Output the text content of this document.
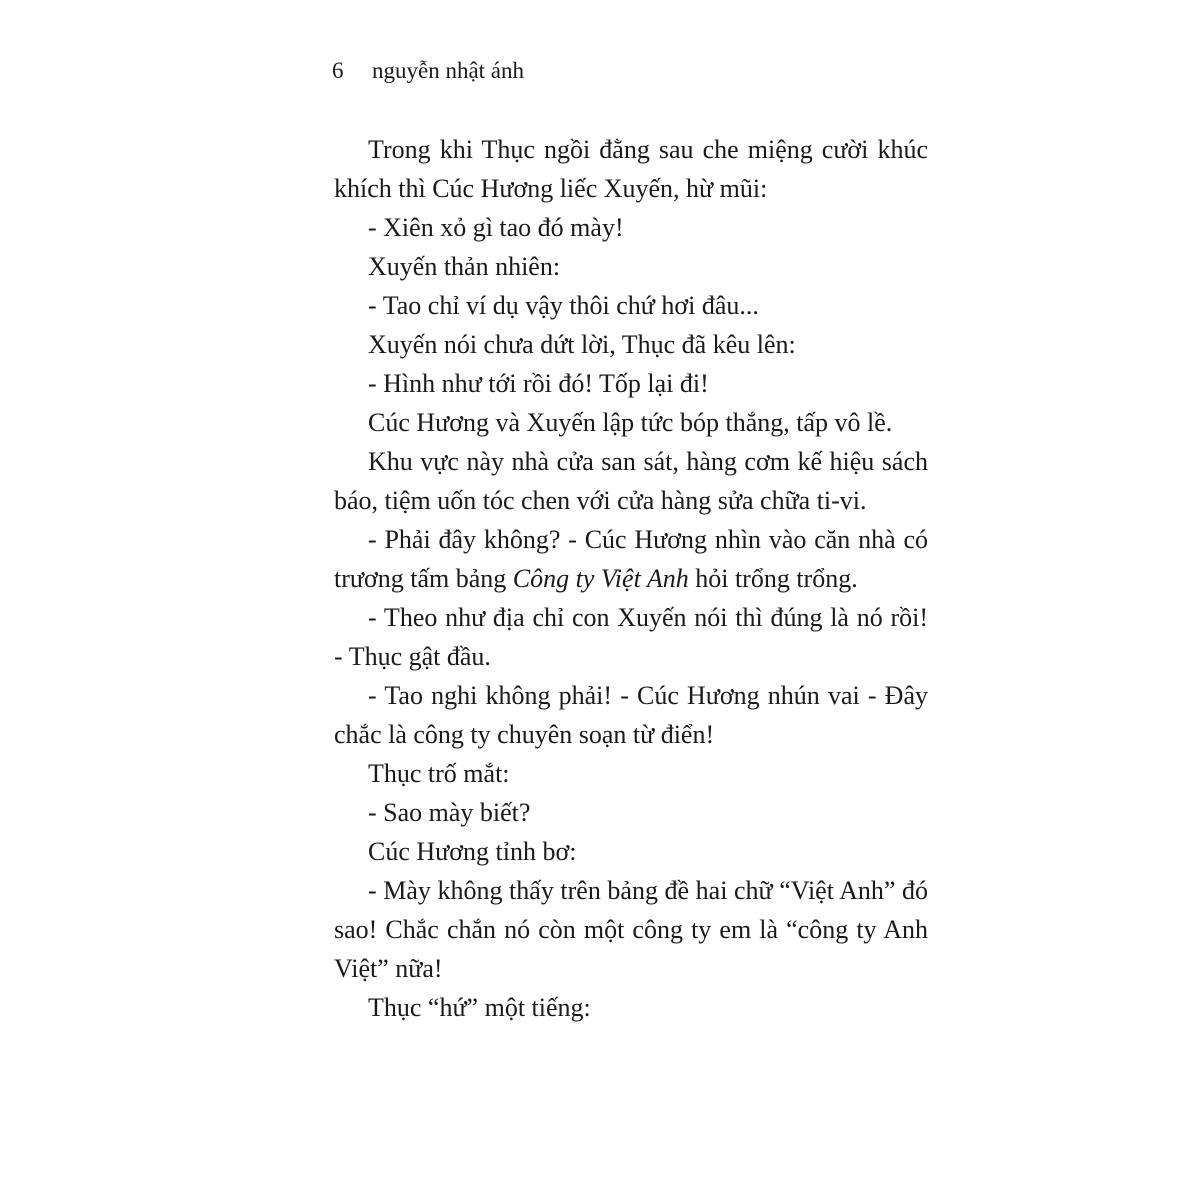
6 nguyễn nhật ánh

Trong khi Thục ngồi đằng sau che miệng cười khúc khích thì Cúc Hương liếc Xuyến, hừ mũi:

- Xiên xỏ gì tao đó mày!

Xuyến thản nhiên:

- Tao chỉ ví dụ vậy thôi chứ hơi đâu...

Xuyến nói chưa dứt lời, Thục đã kêu lên:

- Hình như tới rồi đó! Tốp lại đi!

Cúc Hương và Xuyến lập tức bóp thắng, tấp vô lề.

Khu vực này nhà cửa san sát, hàng cơm kế hiệu sách báo, tiệm uốn tóc chen với cửa hàng sửa chữa ti-vi.

- Phải đây không? - Cúc Hương nhìn vào căn nhà có trương tấm bảng Công ty Việt Anh hỏi trổng trổng.

- Theo như địa chỉ con Xuyến nói thì đúng là nó rồi! - Thục gật đầu.

- Tao nghi không phải! - Cúc Hương nhún vai - Đây chắc là công ty chuyên soạn từ điển!

Thục trố mắt:

- Sao mày biết?

Cúc Hương tỉnh bơ:

- Mày không thấy trên bảng đề hai chữ “Việt Anh” đó sao! Chắc chắn nó còn một công ty em là “công ty Anh Việt” nữa!

Thục “hứ” một tiếng:
